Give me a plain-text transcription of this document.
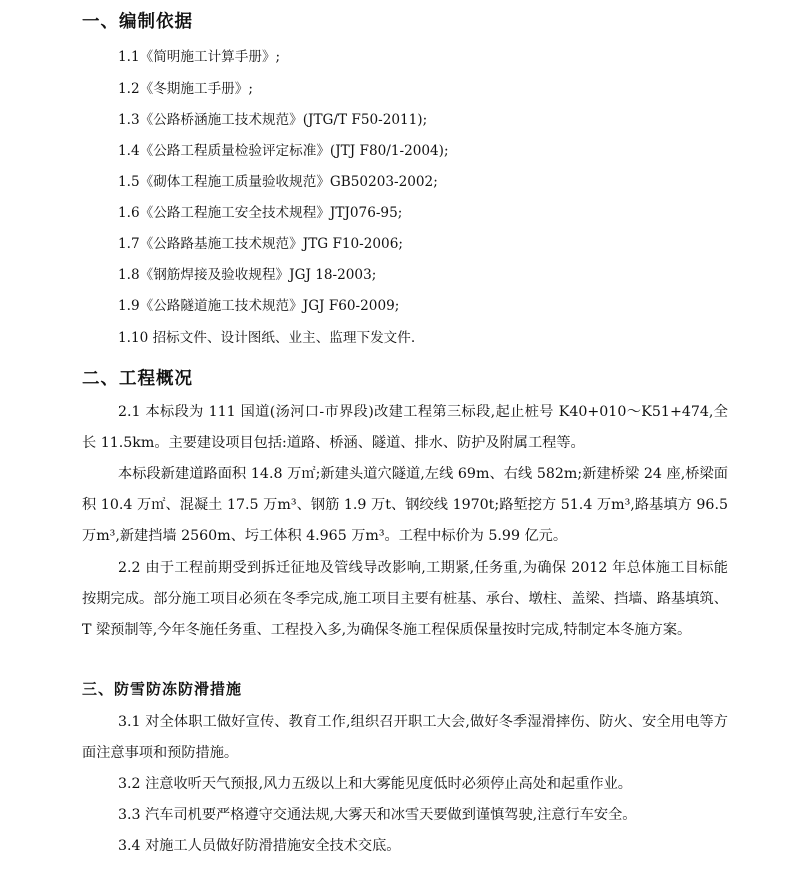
一、编制依据

1.1《简明施工计算手册》;

1.2《冬期施工手册》;

1.3《公路桥涵施工技术规范》(JTG/T F50-2011);

1.4《公路工程质量检验评定标准》(JTJ F80/1-2004);

1.5《砌体工程施工质量验收规范》GB50203-2002;

1.6《公路工程施工安全技术规程》JTJ076-95;

1.7《公路路基施工技术规范》JTG F10-2006;

1.8《钢筋焊接及验收规程》JGJ 18-2003;

1.9《公路隧道施工技术规范》JGJ F60-2009;

1.10 招标文件、设计图纸、业主、监理下发文件.

二、工程概况

2.1 本标段为 111 国道(汤河口-市界段)改建工程第三标段,起止桩号 K40+010～K51+474,全长 11.5km。主要建设项目包括:道路、桥涵、隧道、排水、防护及附属工程等。

本标段新建道路面积 14.8 万㎡;新建头道穴隧道,左线 69m、右线 582m;新建桥梁 24 座,桥梁面积 10.4 万㎡、混凝土 17.5 万m³、钢筋 1.9 万t、钢绞线 1970t;路堑挖方 51.4 万m³,路基填方 96.5 万m³,新建挡墙 2560m、圬工体积 4.965 万m³。工程中标价为 5.99 亿元。

2.2 由于工程前期受到拆迁征地及管线导改影响,工期紧,任务重,为确保 2012 年总体施工目标能按期完成。部分施工项目必须在冬季完成,施工项目主要有桩基、承台、墩柱、盖梁、挡墙、路基填筑、T 梁预制等,今年冬施任务重、工程投入多,为确保冬施工程保质保量按时完成,特制定本冬施方案。

三、防雪防冻防滑措施

3.1 对全体职工做好宣传、教育工作,组织召开职工大会,做好冬季湿滑摔伤、防火、安全用电等方面注意事项和预防措施。

3.2 注意收听天气预报,风力五级以上和大雾能见度低时必须停止高处和起重作业。

3.3 汽车司机要严格遵守交通法规,大雾天和冰雪天要做到谨慎驾驶,注意行车安全。

3.4 对施工人员做好防滑措施安全技术交底。
